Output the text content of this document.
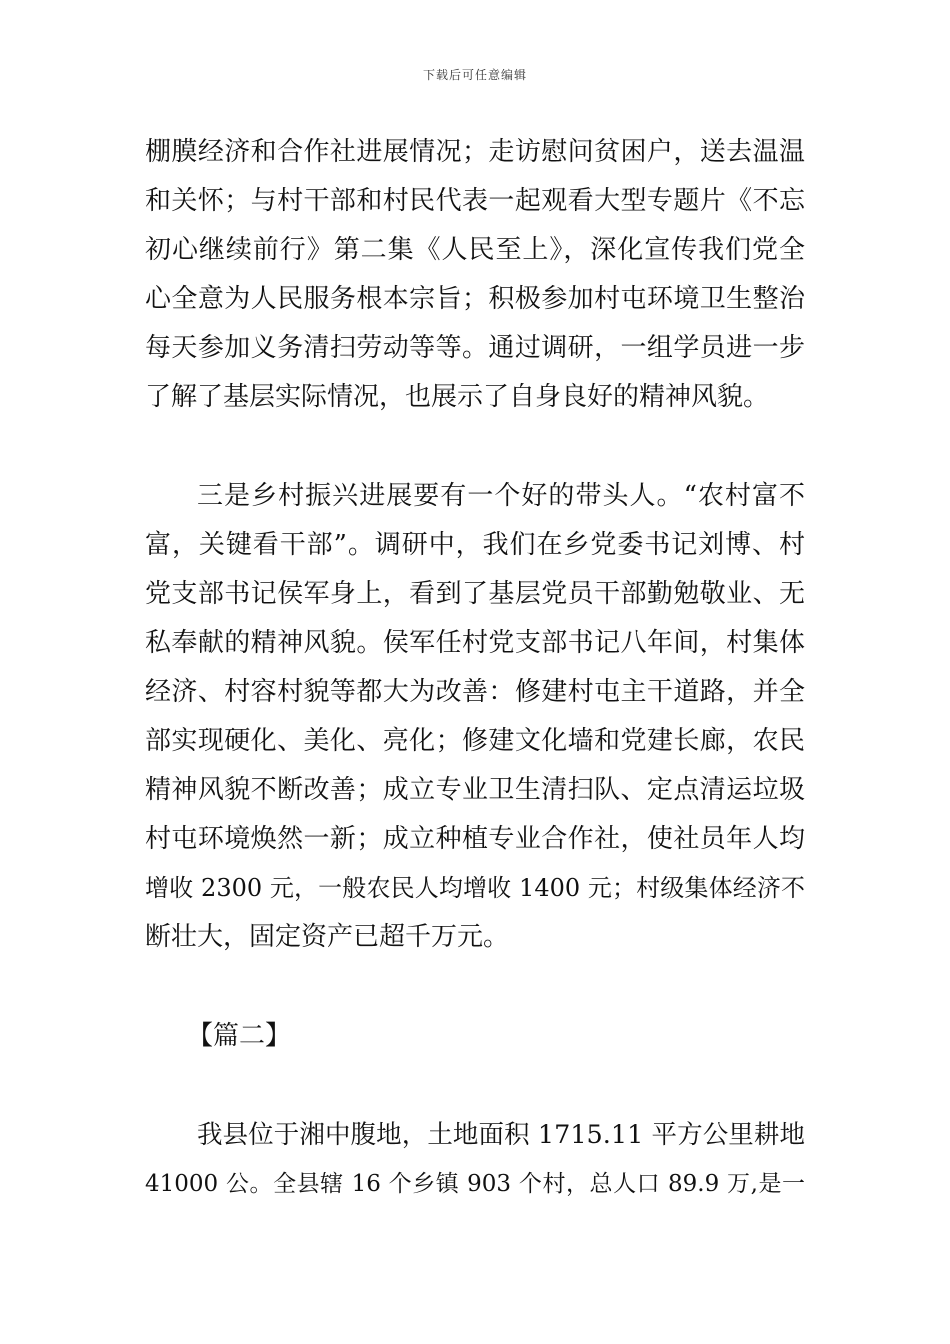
下载后可任意编辑
棚膜经济和合作社进展情况；走访慰问贫困户，送去温温
和关怀；与村干部和村民代表一起观看大型专题片《不忘
初心继续前行》第二集《人民至上》，深化宣传我们党全
心全意为人民服务根本宗旨；积极参加村屯环境卫生整治
每天参加义务清扫劳动等等。通过调研，一组学员进一步
了解了基层实际情况，也展示了自身良好的精神风貌。
三是乡村振兴进展要有一个好的带头人。“农村富不
富，关键看干部”。调研中，我们在乡党委书记刘博、村
党支部书记侯军身上，看到了基层党员干部勤勉敬业、无
私奉献的精神风貌。侯军任村党支部书记八年间，村集体
经济、村容村貌等都大为改善：修建村屯主干道路，并全
部实现硬化、美化、亮化；修建文化墙和党建长廊，农民
精神风貌不断改善；成立专业卫生清扫队、定点清运垃圾
村屯环境焕然一新；成立种植专业合作社，使社员年人均
增收 2300 元，一般农民人均增收 1400 元；村级集体经济不
断壮大，固定资产已超千万元。
【篇二】
我县位于湘中腹地，土地面积 1715.11 平方公里耕地
41000 公。全县辖 16 个乡镇 903 个村，总人口 89.9 万,是一
